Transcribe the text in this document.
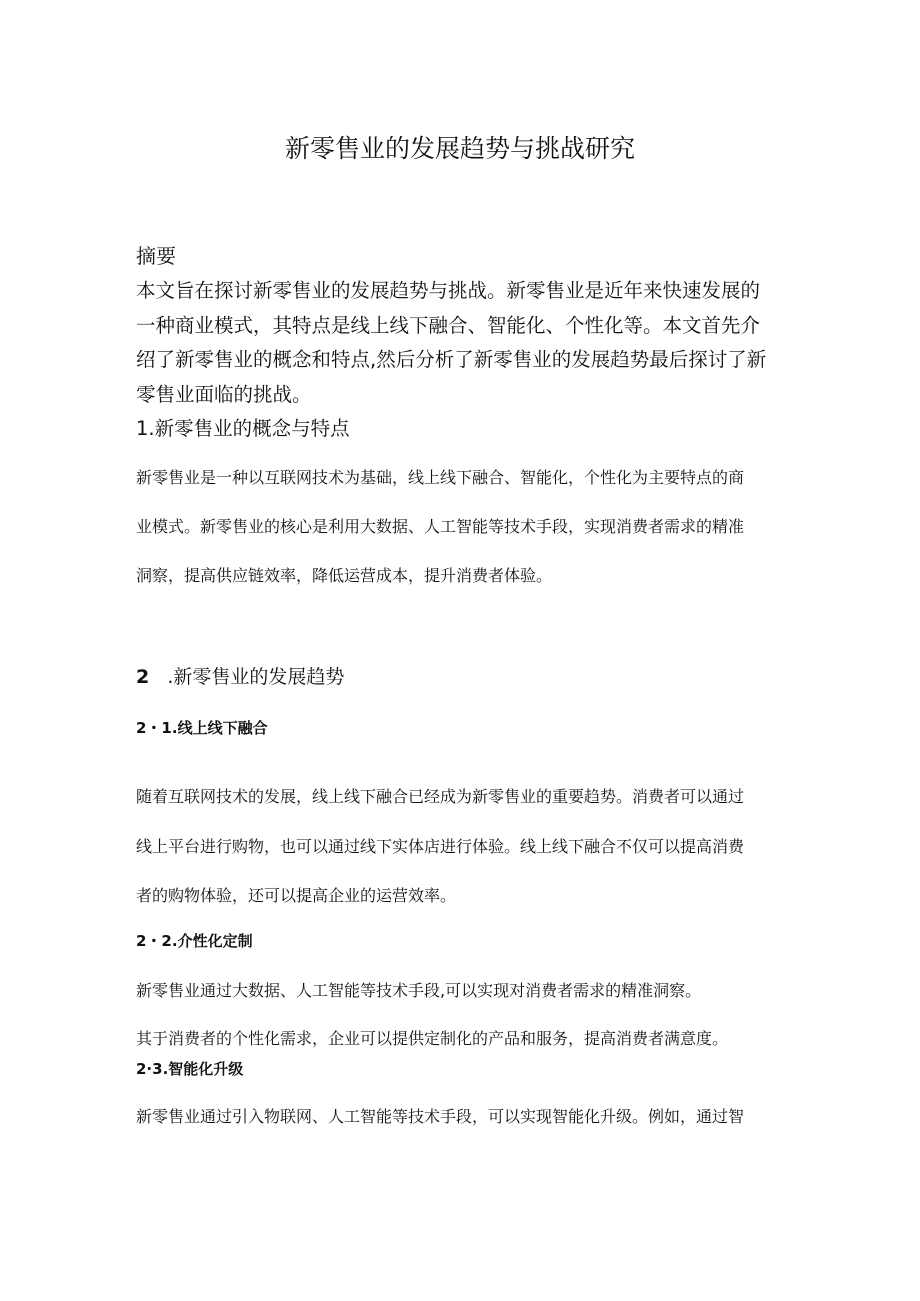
新零售业的发展趋势与挑战研究
摘要
本文旨在探讨新零售业的发展趋势与挑战。新零售业是近年来快速发展的
一种商业模式，其特点是线上线下融合、智能化、个性化等。本文首先介
绍了新零售业的概念和特点,然后分析了新零售业的发展趋势最后探讨了新
零售业面临的挑战。
1.新零售业的概念与特点
新零售业是一种以互联网技术为基础，线上线下融合、智能化，个性化为主要特点的商
业模式。新零售业的核心是利用大数据、人工智能等技术手段，实现消费者需求的精准
洞察，提高供应链效率，降低运营成本，提升消费者体验。
2 .新零售业的发展趋势
2・1.线上线下融合
随着互联网技术的发展，线上线下融合已经成为新零售业的重要趋势。消费者可以通过
线上平台进行购物，也可以通过线下实体店进行体验。线上线下融合不仅可以提高消费
者的购物体验，还可以提高企业的运营效率。
2・2.介性化定制
新零售业通过大数据、人工智能等技术手段,可以实现对消费者需求的精准洞察。
其于消费者的个性化需求，企业可以提供定制化的产品和服务，提高消费者满意度。
2·3.智能化升级
新零售业通过引入物联网、人工智能等技术手段，可以实现智能化升级。例如，通过智
